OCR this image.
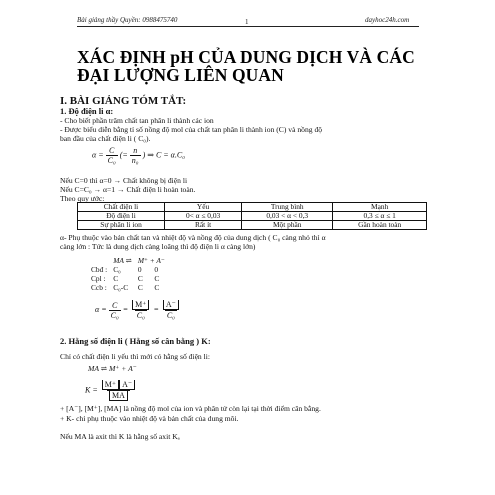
Bài giảng thầy Quyền: 0988475740	1	dayhoc24h.com
XÁC ĐỊNH pH CỦA DUNG DỊCH VÀ CÁC
ĐẠI LƯỢNG LIÊN QUAN
I. BÀI GIẢNG TÓM TẮT:
1. Độ điện li α:
- Cho biết phần trăm chất tan phân li thành các ion
- Được biểu diễn bằng tỉ số nồng độ mol của chất tan phân li thành ion (C) và nồng độ
ban đầu của chất điện li ( C₀).
$\alpha = \frac{C}{\text{C₀}}$ (= $\frac{n}{\text{n₀}}$ ) ⇒ C = α.C₀
Nếu C=0 thì α=0 → Chất không bị điện li
Nếu C=C₀ → α=1 → Chất điện li hoàn toàn.
Theo quy ước:
Chất điện li	Yếu	Trung bình	Mạnh
Độ điện li	0< α ≤ 0,03	0,03 < α < 0,3	0,3 ≤ α ≤ 1
Sự phân li ion	Rất ít	Một phần	Gần hoàn toàn
α- Phụ thuộc vào bản chất tan và nhiệt độ và nồng độ của dung dịch ( C₀ càng nhỏ thì α
càng lớn : Tức là dung dịch càng loãng thì độ điện li α càng lớn)
	MA ⇌	M⁺ + A⁻	
Cbđ :	C₀	0	0
Cpl :	C	C	C
Ccb :	C₀-C	C	C
$\alpha = \frac{C}{\text{C₀}} = \frac{M^+}{\text{C₀}} = \frac{A^-}{\text{C₀}}$
2. Hằng số điện li ( Hằng số cân bằng ) K:
Chỉ có chất điện li yếu thì mới có hằng số điện li:
MA ⇌ M⁺ + A⁻
$K = \frac{M^+ A^-}{MA}$
+ [A⁻], [M⁺], [MA] là nồng độ mol của ion và phân tử còn lại tại thời điểm cân bằng.
+ K- chỉ phụ thuộc vào nhiệt độ và bản chất của dung môi.
Nếu MA là axit thì K là hằng số axit Kₐ
